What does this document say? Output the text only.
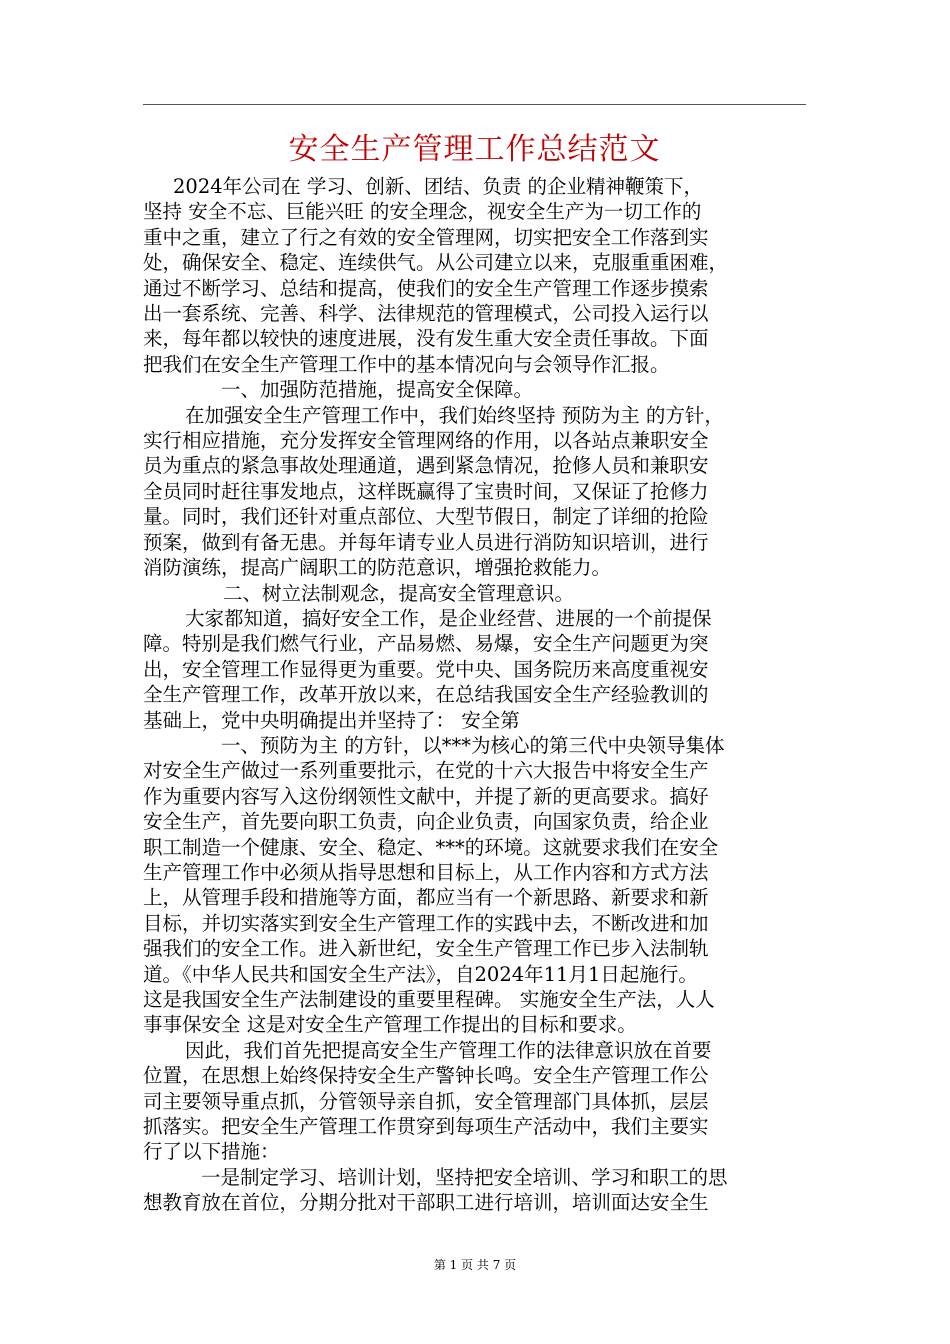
安全生产管理工作总结范文

2024年公司在 学习、创新、团结、负责 的企业精神鞭策下，

坚持 安全不忘、巨能兴旺 的安全理念，视安全生产为一切工作的

重中之重，建立了行之有效的安全管理网，切实把安全工作落到实

处，确保安全、稳定、连续供气。从公司建立以来，克服重重困难，

通过不断学习、总结和提高，使我们的安全生产管理工作逐步摸索

出一套系统、完善、科学、法律规范的管理模式，公司投入运行以

来，每年都以较快的速度进展，没有发生重大安全责任事故。下面

把我们在安全生产管理工作中的基本情况向与会领导作汇报。

一、加强防范措施，提高安全保障。

在加强安全生产管理工作中，我们始终坚持 预防为主 的方针，

实行相应措施，充分发挥安全管理网络的作用，以各站点兼职安全

员为重点的紧急事故处理通道，遇到紧急情况，抢修人员和兼职安

全员同时赶往事发地点，这样既赢得了宝贵时间，又保证了抢修力

量。同时，我们还针对重点部位、大型节假日，制定了详细的抢险

预案，做到有备无患。并每年请专业人员进行消防知识培训，进行

消防演练，提高广阔职工的防范意识，增强抢救能力。

二、树立法制观念，提高安全管理意识。

大家都知道，搞好安全工作，是企业经营、进展的一个前提保

障。特别是我们燃气行业，产品易燃、易爆，安全生产问题更为突

出，安全管理工作显得更为重要。党中央、国务院历来高度重视安

全生产管理工作，改革开放以来，在总结我国安全生产经验教训的

基础上，党中央明确提出并坚持了： 安全第

一、预防为主 的方针，以***为核心的第三代中央领导集体

对安全生产做过一系列重要批示，在党的十六大报告中将安全生产

作为重要内容写入这份纲领性文献中，并提了新的更高要求。搞好

安全生产，首先要向职工负责，向企业负责，向国家负责，给企业

职工制造一个健康、安全、稳定、***的环境。这就要求我们在安全

生产管理工作中必须从指导思想和目标上，从工作内容和方式方法

上，从管理手段和措施等方面，都应当有一个新思路、新要求和新

目标，并切实落实到安全生产管理工作的实践中去，不断改进和加

强我们的安全工作。进入新世纪，安全生产管理工作已步入法制轨

道。《中华人民共和国安全生产法》，自2024年11月1日起施行。

这是我国安全生产法制建设的重要里程碑。 实施安全生产法，人人

事事保安全 这是对安全生产管理工作提出的目标和要求。

因此，我们首先把提高安全生产管理工作的法律意识放在首要

位置，在思想上始终保持安全生产警钟长鸣。安全生产管理工作公

司主要领导重点抓，分管领导亲自抓，安全管理部门具体抓，层层

抓落实。把安全生产管理工作贯穿到每项生产活动中，我们主要实

行了以下措施：

一是制定学习、培训计划，坚持把安全培训、学习和职工的思

想教育放在首位，分期分批对干部职工进行培训，培训面达安全生

第 1 页 共 7 页
